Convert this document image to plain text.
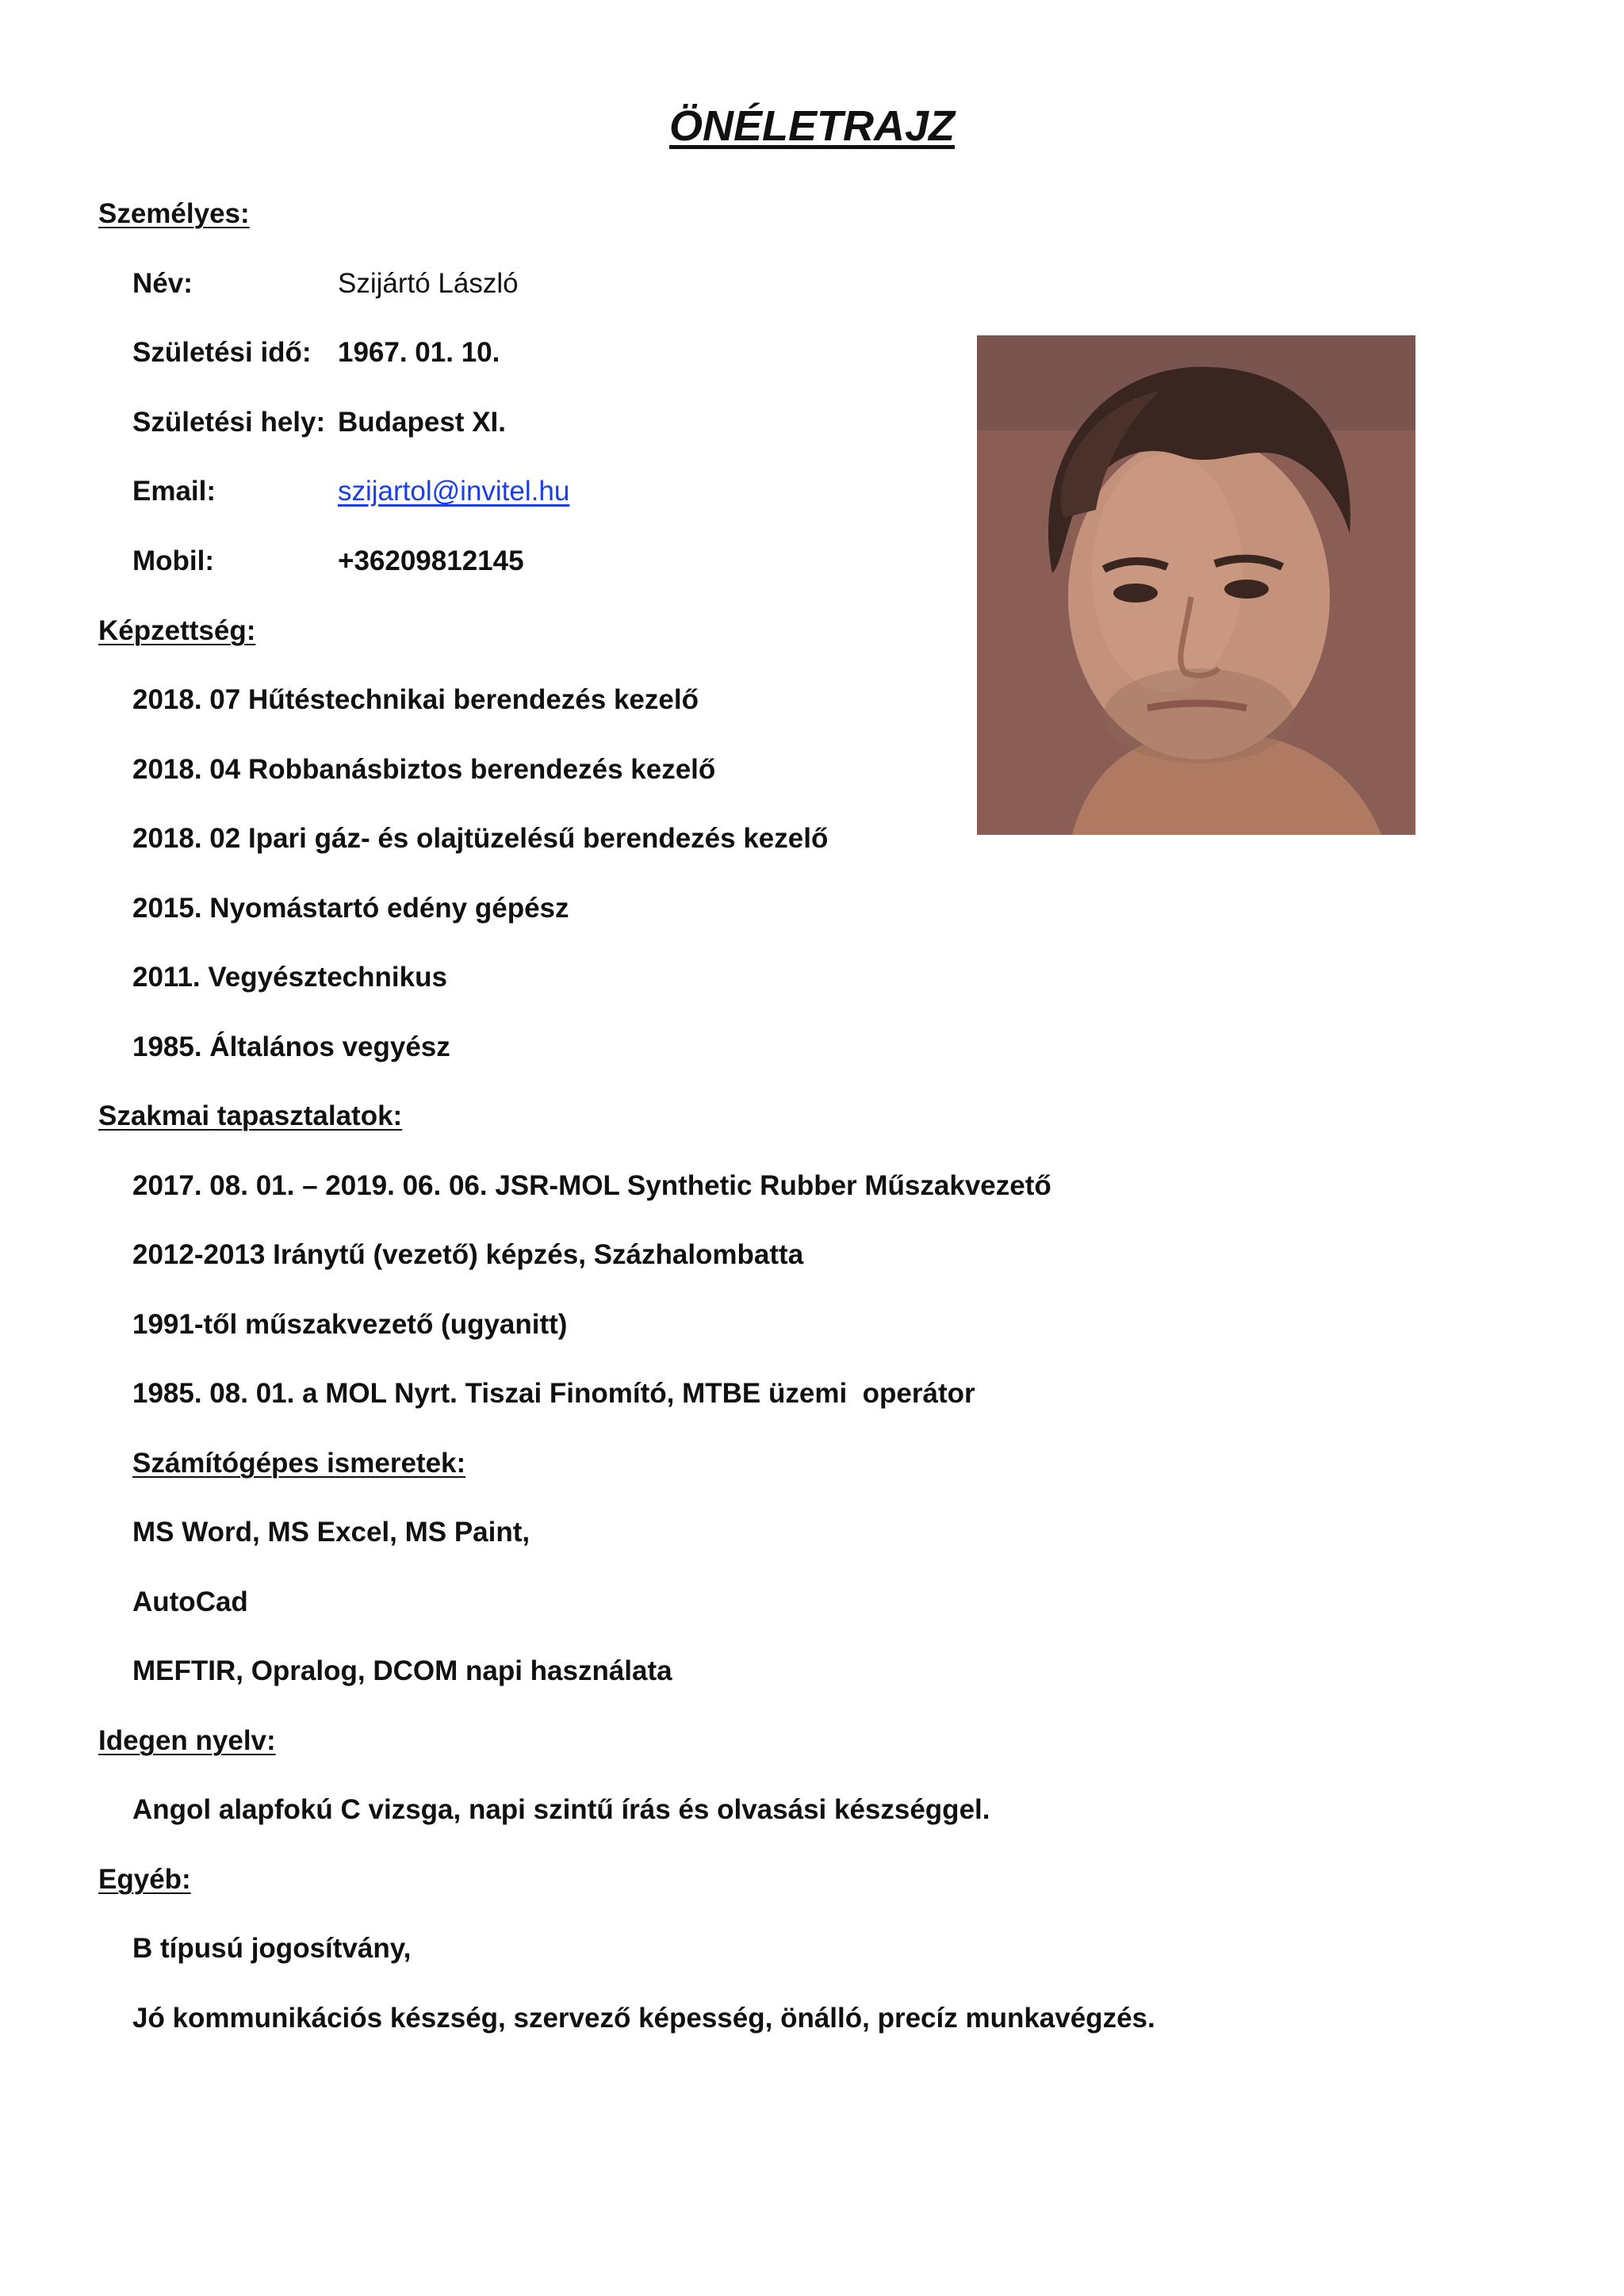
ÖNÉLETRAJZ
Személyes:
Név:	Szijártó László
Születési idő: 1967. 01. 10.
Születési hely: Budapest XI.
Email:	szijartol@invitel.hu
Mobil:	+36209812145
Képzettség:
2018. 07 Hűtéstechnikai berendezés kezelő
2018. 04 Robbanásbiztos berendezés kezelő
2018. 02 Ipari gáz- és olajtüzelésű berendezés kezelő
2015. Nyomástartó edény gépész
2011. Vegyésztechnikus
1985. Általános vegyész
Szakmai tapasztalatok:
2017. 08. 01. – 2019. 06. 06. JSR-MOL Synthetic Rubber Műszakvezető
2012-2013 Iránytű (vezető) képzés, Százhalombatta
1991-től műszakvezető (ugyanitt)
1985. 08. 01. a MOL Nyrt. Tiszai Finomító, MTBE üzemi  operátor
Számítógépes ismeretek:
MS Word, MS Excel, MS Paint,
AutoCad
MEFTIR, Opralog, DCOM napi használata
Idegen nyelv:
Angol alapfokú C vizsga, napi szintű írás és olvasási készséggel.
Egyéb:
B típusú jogosítvány,
Jó kommunikációs készség, szervező képesség, önálló, precíz munkavégzés.
